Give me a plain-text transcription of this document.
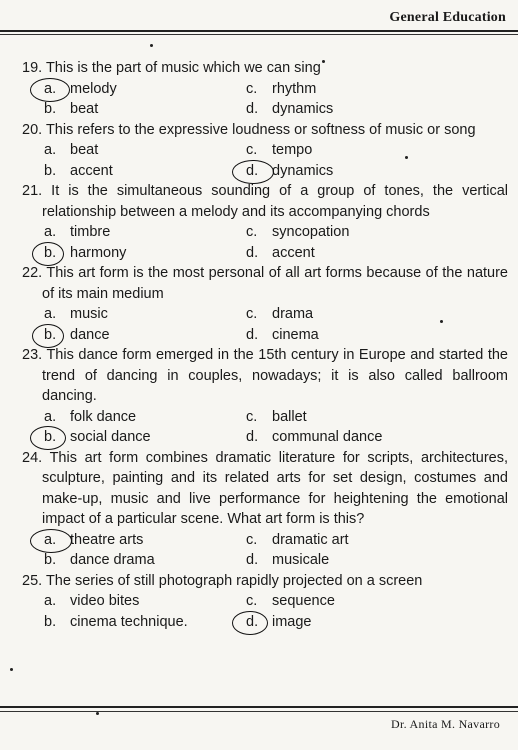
General Education
19. This is the part of music which we can sing
a. melody	c. rhythm
b. beat	d. dynamics
20. This refers to the expressive loudness or softness of music or song
a. beat	c. tempo
b. accent	d. dynamics
21. It is the simultaneous sounding of a group of tones, the vertical relationship between a melody and its accompanying chords
a. timbre	c. syncopation
b. harmony	d. accent
22. This art form is the most personal of all art forms because of the nature of its main medium
a. music	c. drama
b. dance	d. cinema
23. This dance form emerged in the 15th century in Europe and started the trend of dancing in couples, nowadays; it is also called ballroom dancing.
a. folk dance	c. ballet
b. social dance	d. communal dance
24. This art form combines dramatic literature for scripts, architectures, sculpture, painting and its related arts for set design, costumes and make-up, music and live performance for heightening the emotional impact of a particular scene. What art form is this?
a. theatre arts	c. dramatic art
b. dance drama	d. musicale
25. The series of still photograph rapidly projected on a screen
a. video bites	c. sequence
b. cinema technique.	d. image
Dr. Anita M. Navarro
